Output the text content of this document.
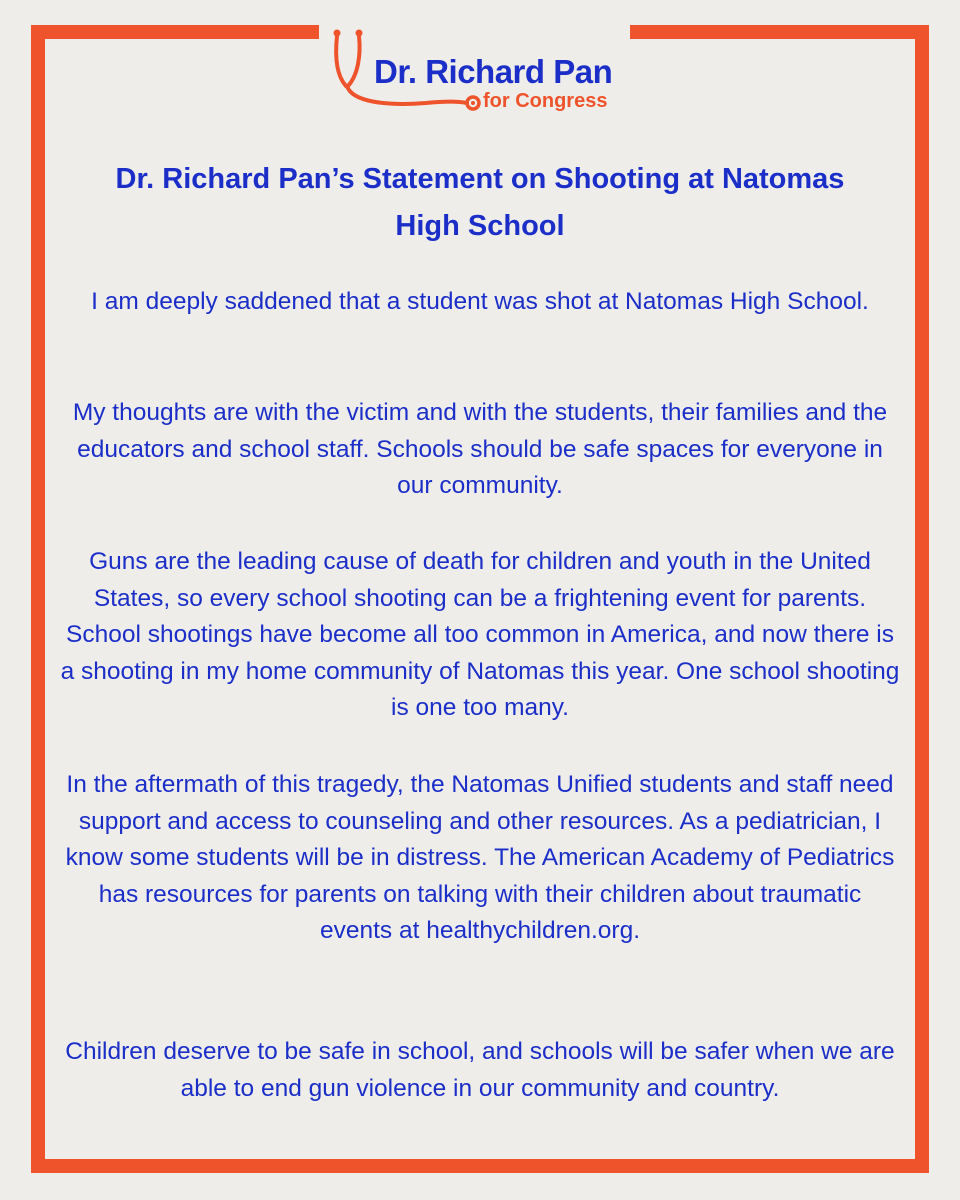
Dr. Richard Pan
for Congress
Dr. Richard Pan’s Statement on Shooting at Natomas High School

I am deeply saddened that a student was shot at Natomas High School.

My thoughts are with the victim and with the students, their families and the educators and school staff. Schools should be safe spaces for everyone in our community.

Guns are the leading cause of death for children and youth in the United States, so every school shooting can be a frightening event for parents. School shootings have become all too common in America, and now there is a shooting in my home community of Natomas this year. One school shooting is one too many.

In the aftermath of this tragedy, the Natomas Unified students and staff need support and access to counseling and other resources. As a pediatrician, I know some students will be in distress. The American Academy of Pediatrics has resources for parents on talking with their children about traumatic events at healthychildren.org.

Children deserve to be safe in school, and schools will be safer when we are able to end gun violence in our community and country.
